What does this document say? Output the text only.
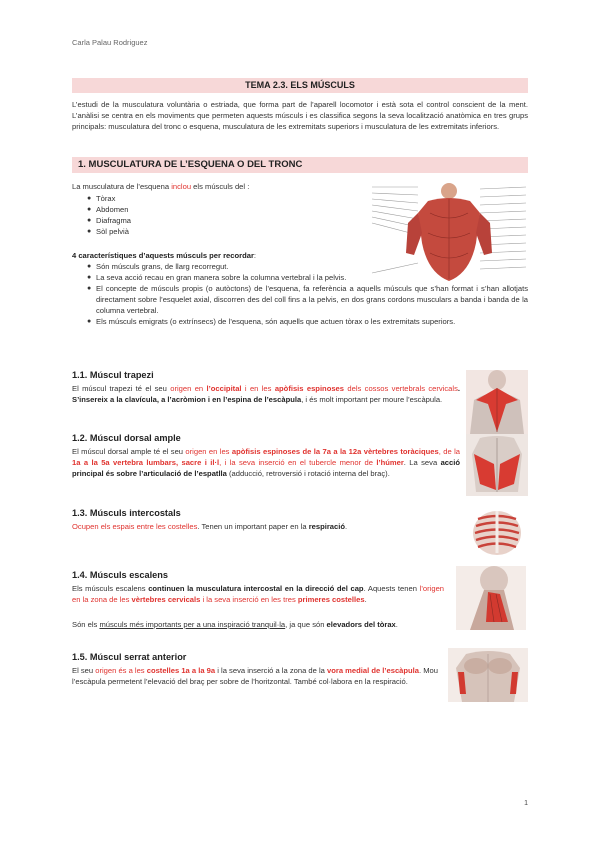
Carla Palau Rodriguez
TEMA 2.3. ELS MÚSCULS
L’estudi de la musculatura voluntària o estriada, que forma part de l’aparell locomotor i està sota el control conscient de la ment. L’anàlisi se centra en els moviments que permeten aquests músculs i es classifica segons la seva localització anatòmica en tres grups principals: musculatura del tronc o esquena, musculatura de les extremitats superiors i musculatura de les extremitats inferiors.
1. MUSCULATURA DE L’ESQUENA O DEL TRONC
La musculatura de l’esquena inclou els músculs del :
● Tòrax
● Abdomen
● Diafragma
● Sòl pelvià
4 característiques d’aquests músculs per recordar:
● Són músculs grans, de llarg recorregut.
● La seva acció recau en gran manera sobre la columna vertebral i la pelvis.
● El concepte de músculs propis (o autòctons) de l’esquena, fa referència a aquells músculs que s’han format i s’han allotjats directament sobre l’esquelet axial, discorren des del coll fins a la pelvis, en dos grans cordons musculars a banda i banda de la columna vertebral.
● Els músculs emigrats (o extrínsecs) de l’esquena, són aquells que actuen tòrax o les extremitats superiors.
1.1. Múscul trapezi
El múscul trapezi té el seu origen en l’occipital i en les apòfisis espinoses dels cossos vertebrals cervicals. S’insereix a la clavícula, a l’acròmion i en l’espina de l’escàpula, i és molt important per moure l’escàpula.
1.2. Múscul dorsal ample
El múscul dorsal ample té el seu origen en les apòfisis espinoses de la 7a a la 12a vèrtebres toràciques, de la 1a a la 5a vertebra lumbars, sacre i il·l, i la seva inserció en el tubercle menor de l’húmer. La seva acció principal és sobre l’articulació de l’espatlla (adducció, retroversió i rotació interna del braç).
1.3. Músculs intercostals
Ocupen els espais entre les costelles. Tenen un important paper en la respiració.
1.4. Músculs escalens
Els músculs escalens continuen la musculatura intercostal en la direcció del cap. Aquests tenen l’origen en la zona de les vèrtebres cervicals i la seva inserció en les tres primeres costelles.
Són els músculs més importants per a una inspiració tranquil·la, ja que són elevadors del tòrax.
1.5. Múscul serrat anterior
El seu origen és a les costelles 1a a la 9a i la seva inserció a la zona de la vora medial de l’escàpula. Mou l’escàpula permetent l’elevació del braç per sobre de l’horitzontal. També col·labora en la respiració.
1
